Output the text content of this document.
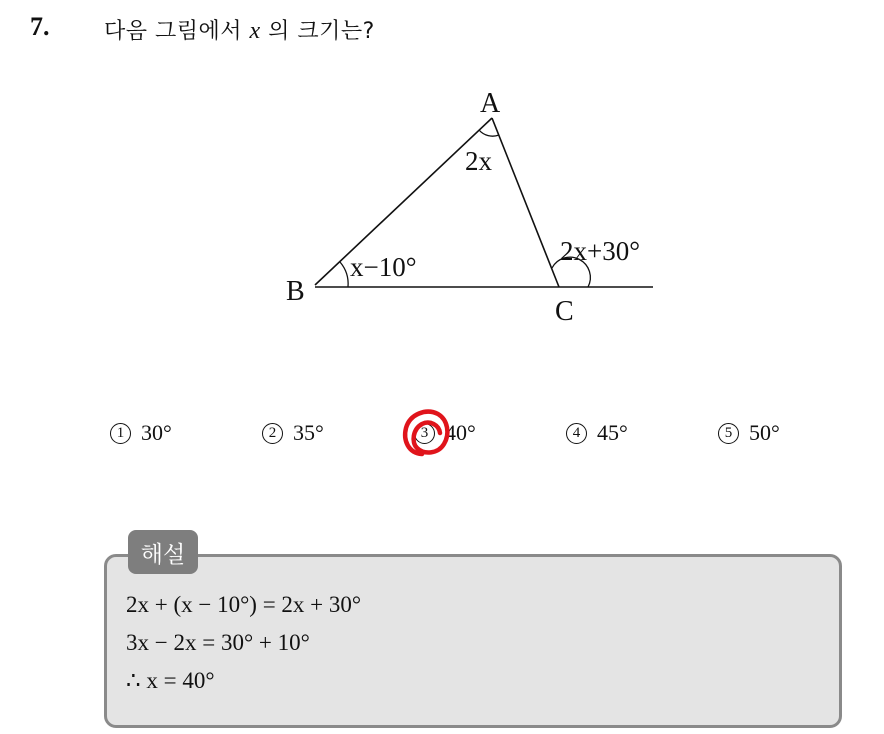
7. 다음 그림에서 x 의 크기는?
A
B
C
2x
x−10°
2x+30°
1 30°	2 35°	3 40°	4 45°	5 50°
해설
2x + (x − 10°) = 2x + 30°
3x − 2x = 30° + 10°
∴ x = 40°
